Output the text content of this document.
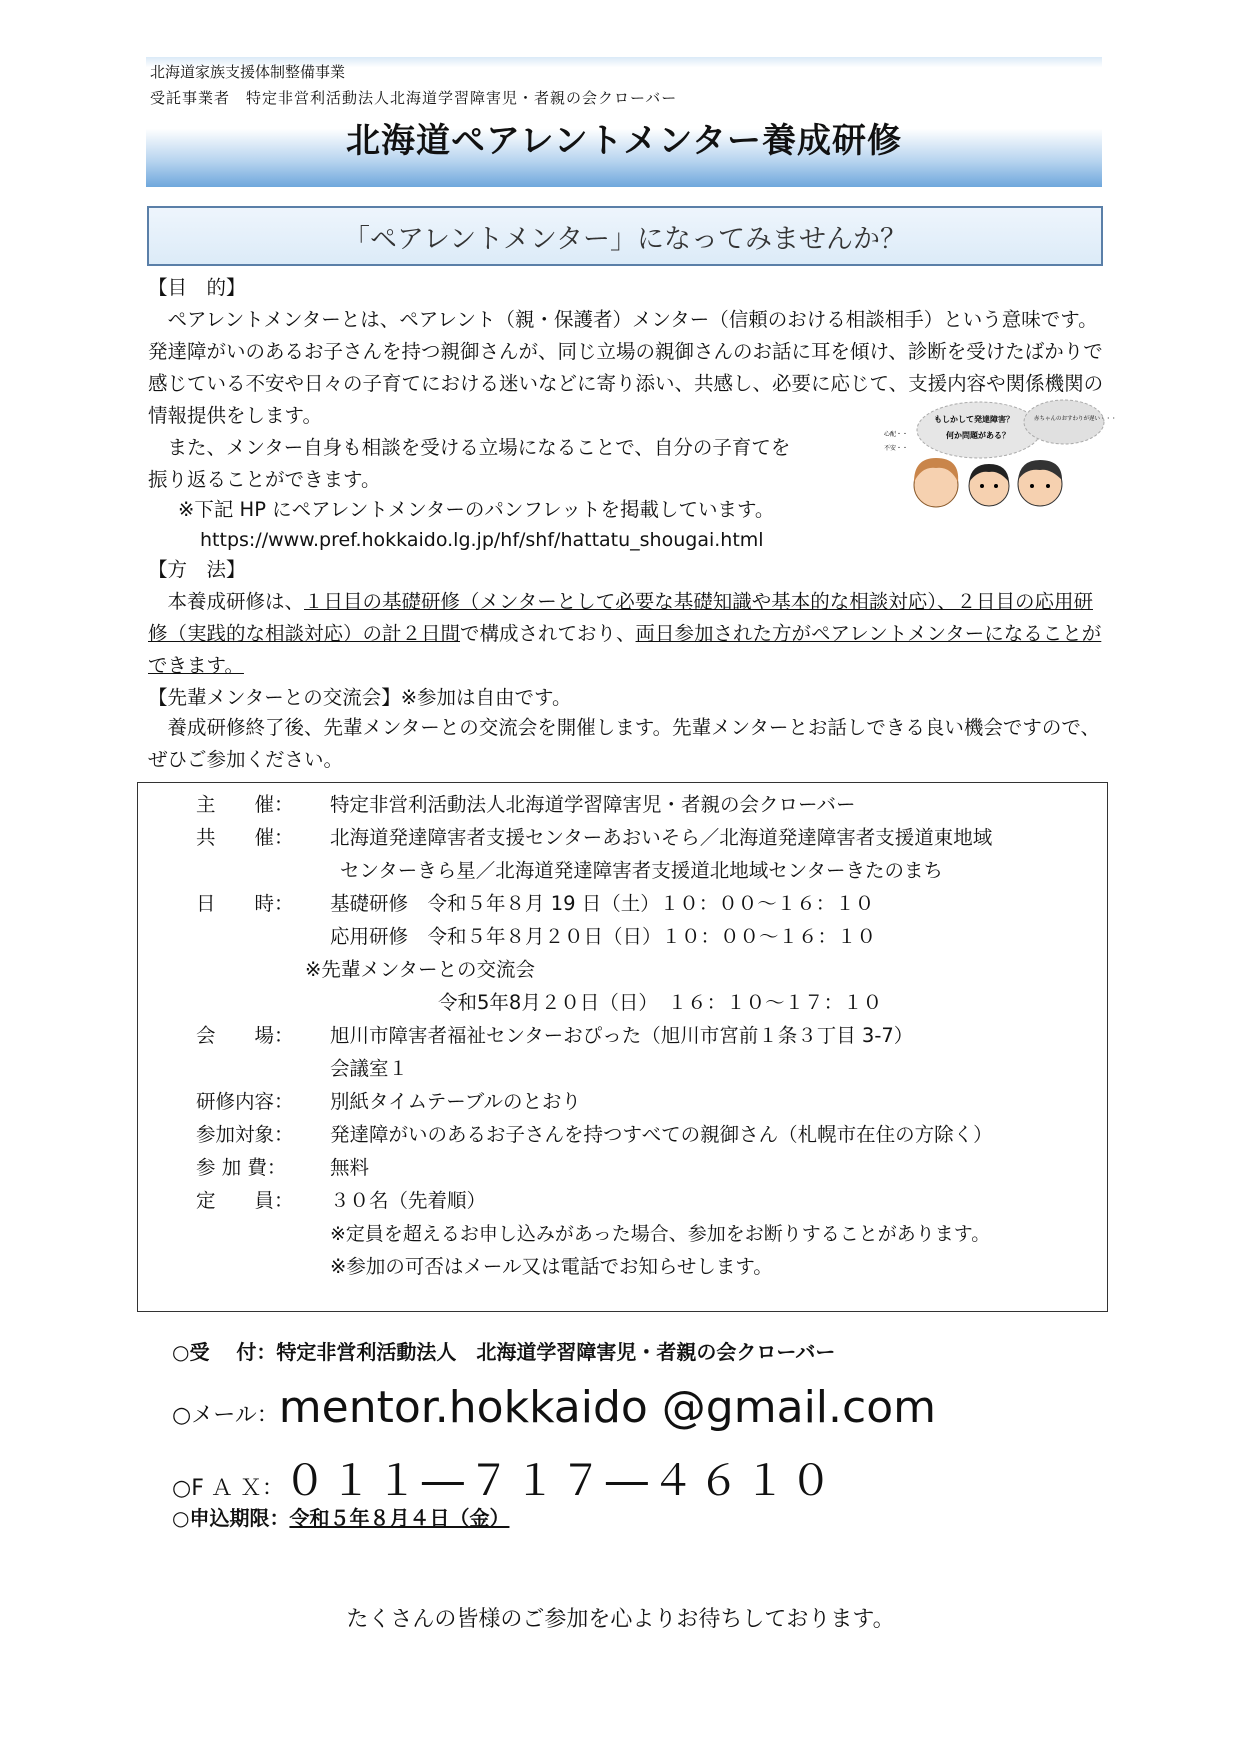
北海道家族支援体制整備事業
受託事業者　特定非営利活動法人北海道学習障害児・者親の会クローバー
北海道ペアレントメンター養成研修
「ペアレントメンター」になってみませんか？
【目　的】
　ペアレントメンターとは、ペアレント（親・保護者）メンター（信頼のおける相談相手）という意味です。発達障がいのあるお子さんを持つ親御さんが、同じ立場の親御さんのお話に耳を傾け、診断を受けたばかりで感じている不安や日々の子育てにおける迷いなどに寄り添い、共感し、必要に応じて、支援内容や関係機関の情報提供をします。
　また、メンター自身も相談を受ける立場になることで、自分の子育てを
振り返ることができます。
※下記 HP にペアレントメンターのパンフレットを掲載しています。
https://www.pref.hokkaido.lg.jp/hf/shf/hattatu_shougai.html
もしかして発達障害？
何か問題がある？
赤ちゃんのおすわりが遅い・・・
心配・・
不安・・
【方　法】
　本養成研修は、１日目の基礎研修（メンターとして必要な基礎知識や基本的な相談対応）、２日目の応用研修（実践的な相談対応）の計２日間で構成されており、両日参加された方がペアレントメンターになることができます。
【先輩メンターとの交流会】※参加は自由です。
　養成研修終了後、先輩メンターとの交流会を開催します。先輩メンターとお話しできる良い機会ですので、ぜひご参加ください。
主　　催： 特定非営利活動法人北海道学習障害児・者親の会クローバー
共　　催： 北海道発達障害者支援センターあおいそら／北海道発達障害者支援道東地域
センターきら星／北海道発達障害者支援道北地域センターきたのまち
日　　時： 基礎研修　令和５年８月 19 日（土）１０：００～１６：１０
応用研修　令和５年８月２０日（日）１０：００～１６：１０
※先輩メンターとの交流会
令和5年8月２０日（日）　１６：１０～１７：１０
会　　場： 旭川市障害者福祉センターおぴった（旭川市宮前１条３丁目 3-7）
会議室１
研修内容： 別紙タイムテーブルのとおり
参加対象： 発達障がいのあるお子さんを持つすべての親御さん（札幌市在住の方除く）
参 加 費： 無料
定　　員： ３０名（先着順）
※定員を超えるお申し込みがあった場合、参加をお断りすることがあります。
※参加の可否はメール又は電話でお知らせします。
○受　 付：特定非営利活動法人　北海道学習障害児・者親の会クローバー
○メール：mentor.hokkaido @gmail.com
○F Ａ Ｘ：０１１―７１７―４６１０
○申込期限：令和５年８月４日（金）
たくさんの皆様のご参加を心よりお待ちしております。
